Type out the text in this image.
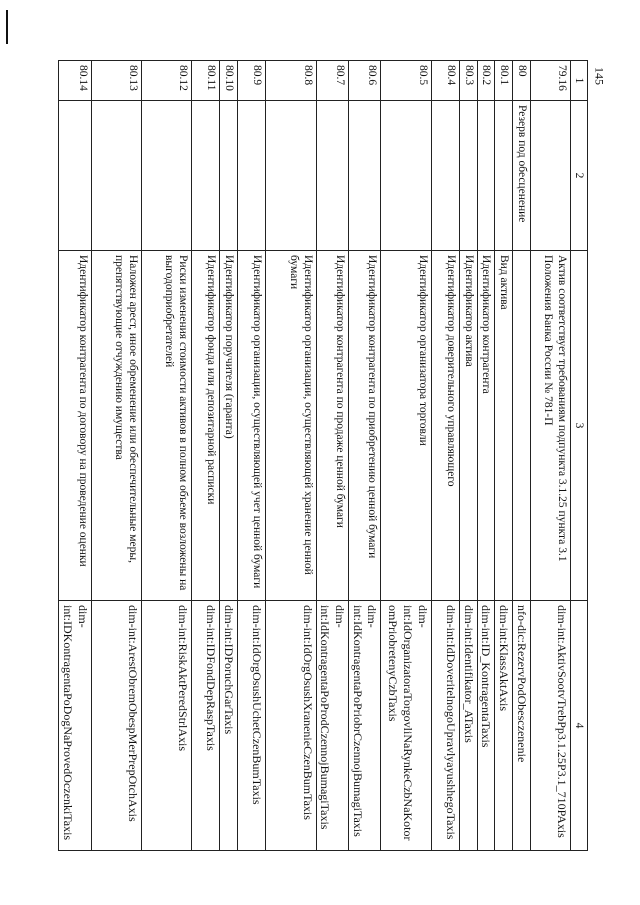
145
1	2	3	4
79.16		Актив соответствует требованиям подпункта 3.1.25 пункта 3.1 Положения Банка России № 781-П	dim-int:AktivSootvTrebPp3.1.25P3.1_710PAxis
80	Резерв под обесценение		nfo-dic:RezervPodObesczenenie
80.1		Вид актива	dim-int:KlassAktAxis
80.2		Идентификатор контрагента	dim-int:ID_KontragentaTaxis
80.3		Идентификатор актива	dim-int:Identifikator_ATaxis
80.4		Идентификатор доверительного управляющего	dim-int:IdDoveritelnogoUpravlyayushhegoTaxis
80.5		Идентификатор организатора торговли	dim-int:IdOrganizatoraTorgovliNaRynkeCzbNaKotoromPriobretenyCzbTaxis
80.6		Идентификатор контрагента по приобретению ценной бумаги	dim-int:IdKontragentaPoPriobrCzennojBumagiTaxis
80.7		Идентификатор контрагента по продаже ценной бумаги	dim-int:IdKontragentaPoProdCzennojBumagiTaxis
80.8		Идентификатор организации, осуществляющей хранение ценной бумаги	dim-int:IdOrgOsushXranenieCzenBumTaxis
80.9		Идентификатор организации, осуществляющей учет ценной бумаги	dim-int:IdOrgOsushUchetCzenBumTaxis
80.10		Идентификатор поручителя (гаранта)	dim-int:IDPoruchGarTaxis
80.11		Идентификатор фонда или депозитарной расписки	dim-int:IDFondDepRaspTaxis
80.12		Риски изменения стоимости активов в полном объеме возложены на выгодоприобретателей	dim-int:RiskAktPeredStrlAxis
80.13		Наложен арест, иное обременение или обеспечительные меры, препятствующие отчуждению имущества	dim-int:ArestObremObespMerPrepOtchAxis
80.14		Идентификатор контрагента по договору на проведение оценки	dim-int:IDKontragentaPoDogNaProvedOczenkiTaxis
